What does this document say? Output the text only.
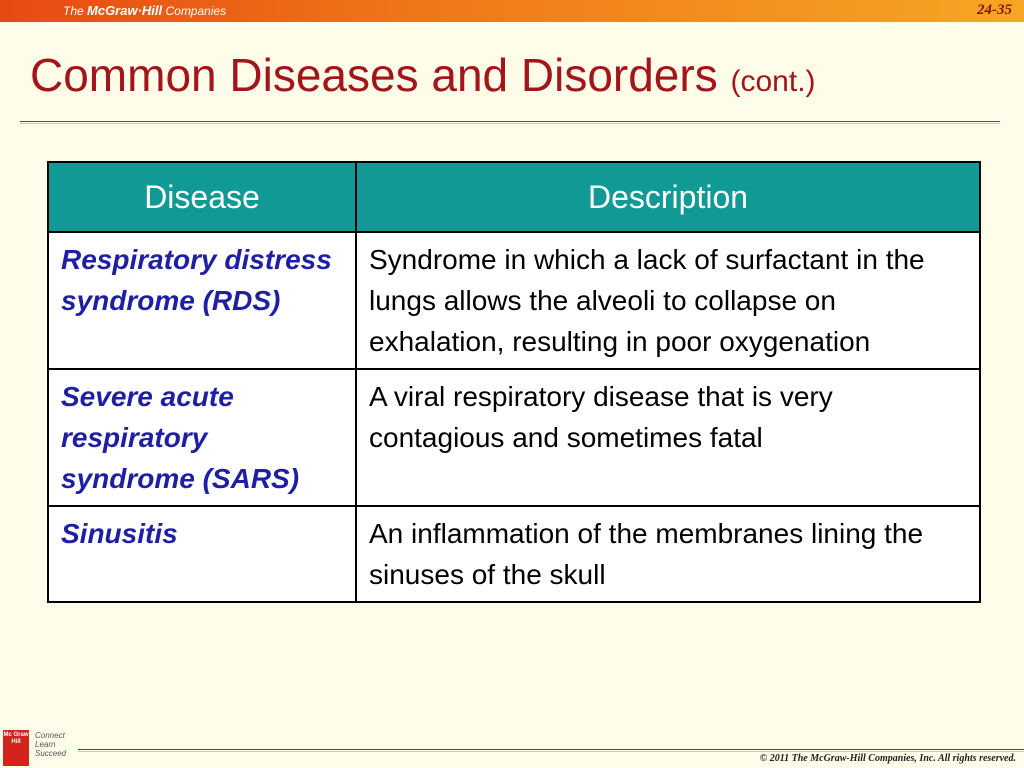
The McGraw·Hill Companies	24-35
Common Diseases and Disorders (cont.)
Disease	Description
Respiratory distress syndrome (RDS)	Syndrome in which a lack of surfactant in the lungs allows the alveoli to collapse on exhalation, resulting in poor oxygenation
Severe acute respiratory syndrome (SARS)	A viral respiratory disease that is very contagious and sometimes fatal
Sinusitis	An inflammation of the membranes lining the sinuses of the skull
Mc Graw Hill
Connect
Learn
Succeed	© 2011 The McGraw-Hill Companies, Inc. All rights reserved.
